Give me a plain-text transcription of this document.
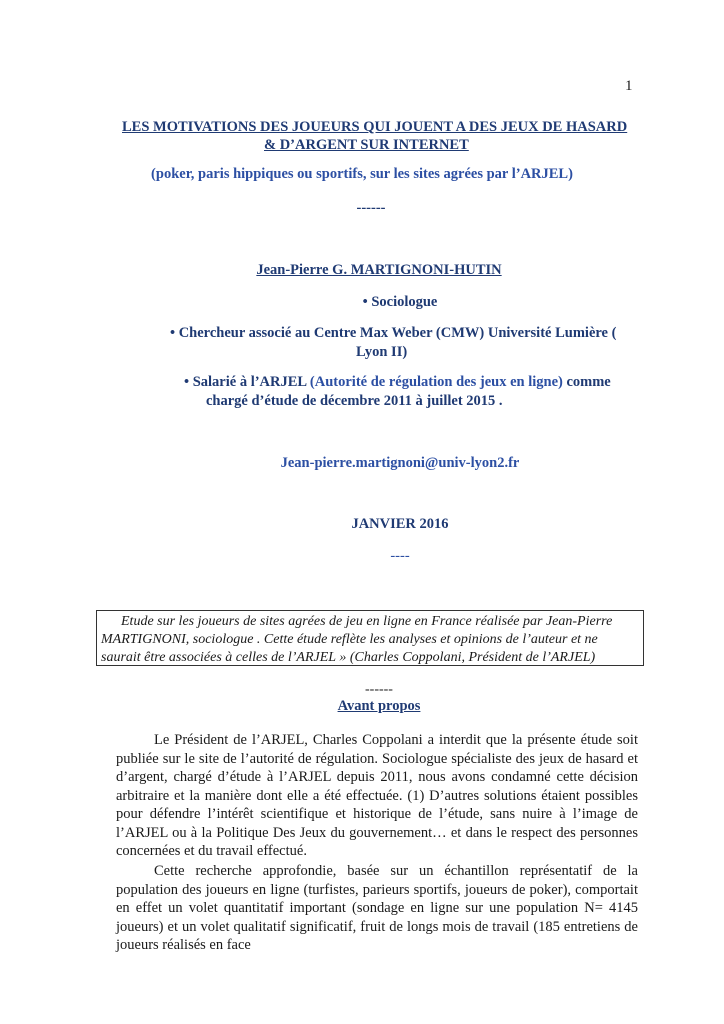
1
LES MOTIVATIONS DES JOUEURS QUI JOUENT A DES JEUX DE HASARD
& D’ARGENT SUR INTERNET
(poker, paris hippiques ou sportifs, sur les sites agrées par l’ARJEL)
------
Jean-Pierre G. MARTIGNONI-HUTIN
• Sociologue
• Chercheur associé au Centre Max Weber (CMW) Université Lumière (
Lyon II)
• Salarié à l’ARJEL (Autorité de régulation des jeux en ligne) comme
chargé d’étude de décembre 2011 à juillet 2015 .
Jean-pierre.martignoni@univ-lyon2.fr
JANVIER 2016
----
Etude sur les joueurs de sites agrées de jeu en ligne en France réalisée par Jean-Pierre
MARTIGNONI, sociologue . Cette étude reflète les analyses et opinions de l’auteur et ne
saurait être associées à celles de l’ARJEL » (Charles Coppolani, Président de l’ARJEL)
------
Avant propos
Le Président de l’ARJEL, Charles Coppolani a interdit que la présente étude soit publiée sur le site de l’autorité de régulation. Sociologue spécialiste des jeux de hasard et d’argent, chargé d’étude à l’ARJEL depuis 2011, nous avons condamné cette décision arbitraire et la manière dont elle a été effectuée. (1) D’autres solutions étaient possibles pour défendre l’intérêt scientifique et historique de l’étude, sans nuire à l’image de l’ARJEL ou à la Politique Des Jeux du gouvernement… et dans le respect des personnes concernées et du travail effectué.
Cette recherche approfondie, basée sur un échantillon représentatif de la population des joueurs en ligne (turfistes, parieurs sportifs, joueurs de poker), comportait en effet un volet quantitatif important (sondage en ligne sur une population N= 4145 joueurs) et un volet qualitatif significatif, fruit de longs mois de travail (185 entretiens de joueurs réalisés en face
